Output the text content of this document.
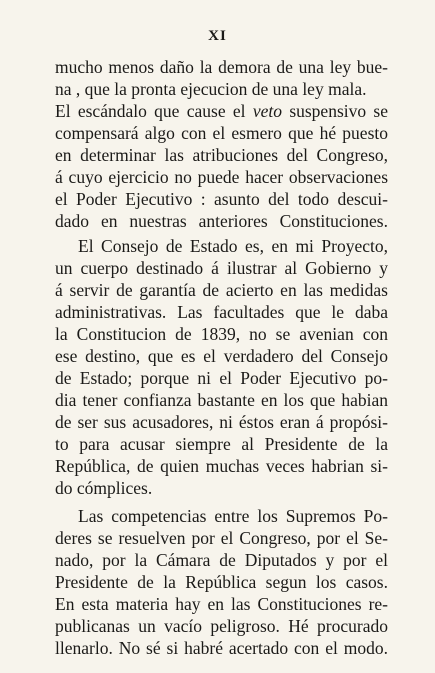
XI
mucho menos daño la demora de una ley bue-
na , que la pronta ejecucion de una ley mala.
El escándalo que cause el veto suspensivo se
compensará algo con el esmero que hé puesto
en determinar las atribuciones del Congreso,
á cuyo ejercicio no puede hacer observaciones
el Poder Ejecutivo : asunto del todo descui-
dado en nuestras anteriores Constituciones.
El Consejo de Estado es, en mi Proyecto,
un cuerpo destinado á ilustrar al Gobierno y
á servir de garantía de acierto en las medidas
administrativas. Las facultades que le daba
la Constitucion de 1839, no se avenian con
ese destino, que es el verdadero del Consejo
de Estado; porque ni el Poder Ejecutivo po-
dia tener confianza bastante en los que habian
de ser sus acusadores, ni éstos eran á propósi-
to para acusar siempre al Presidente de la
República, de quien muchas veces habrian si-
do cómplices.
Las competencias entre los Supremos Po-
deres se resuelven por el Congreso, por el Se-
nado, por la Cámara de Diputados y por el
Presidente de la República segun los casos.
En esta materia hay en las Constituciones re-
publicanas un vacío peligroso. Hé procurado
llenarlo. No sé si habré acertado con el modo.
